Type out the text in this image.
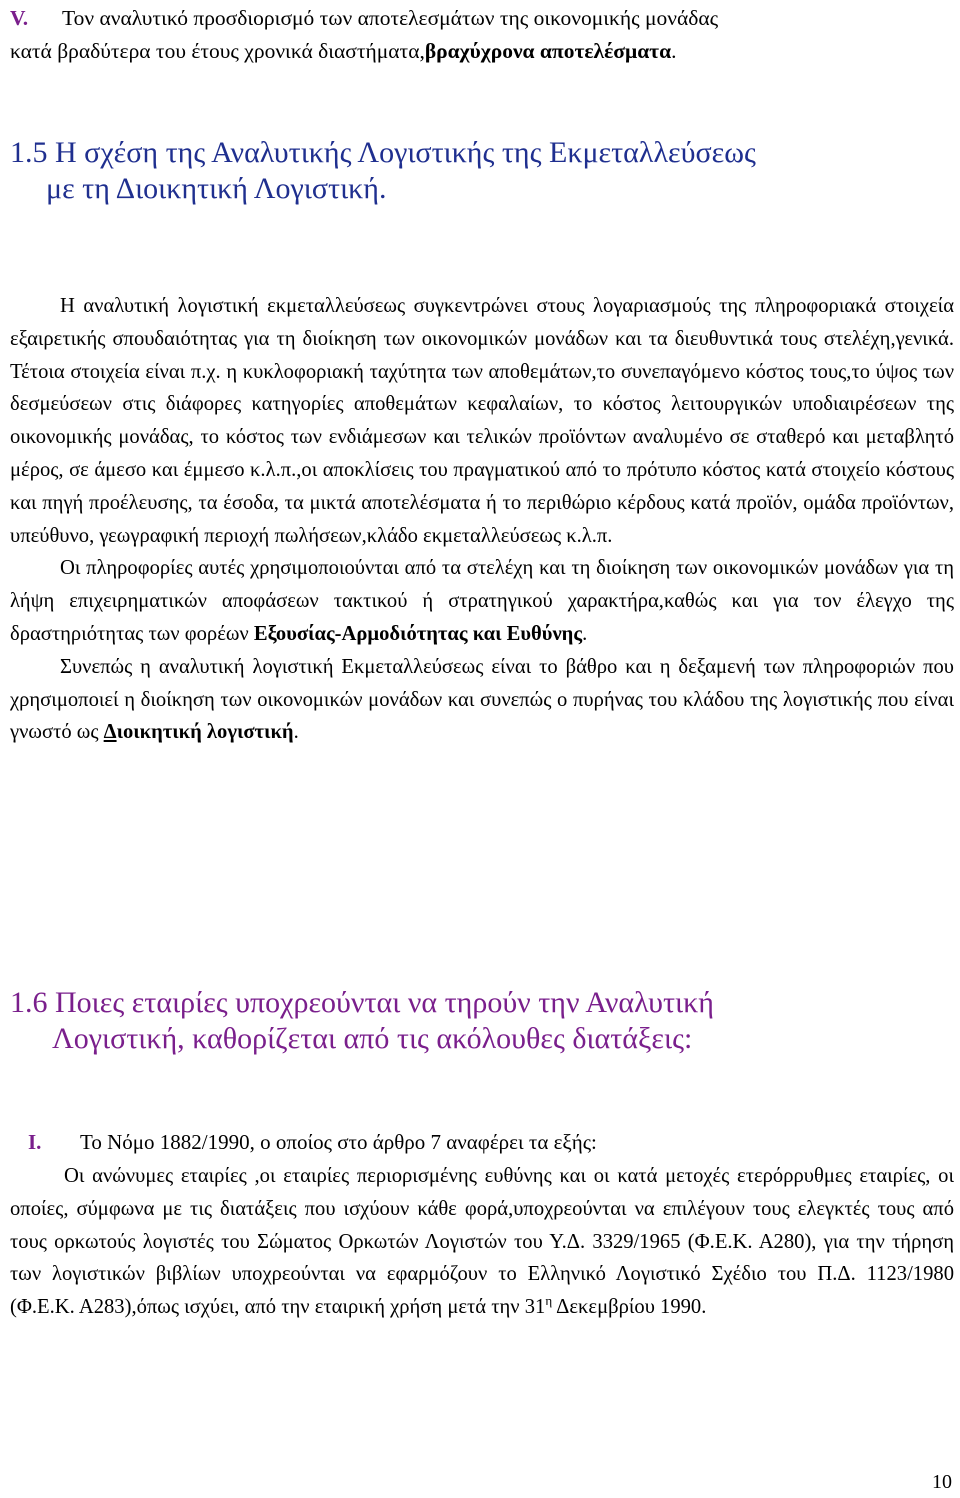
V. Τον αναλυτικό προσδιορισμό των αποτελεσμάτων της οικονομικής μονάδας
κατά βραδύτερα του έτους χρονικά διαστήματα,βραχύχρονα αποτελέσματα.
1.5 Η σχέση της Αναλυτικής Λογιστικής της Εκμεταλλεύσεως
με τη Διοικητική Λογιστική.
Η αναλυτική λογιστική εκμεταλλεύσεως συγκεντρώνει στους λογαριασμούς της πληροφοριακά στοιχεία εξαιρετικής σπουδαιότητας για τη διοίκηση των οικονομικών μονάδων και τα διευθυντικά τους στελέχη,γενικά. Τέτοια στοιχεία είναι π.χ. η κυκλοφοριακή ταχύτητα των αποθεμάτων,το συνεπαγόμενο κόστος τους,το ύψος των δεσμεύσεων στις διάφορες κατηγορίες αποθεμάτων κεφαλαίων, το κόστος λειτουργικών υποδιαιρέσεων της οικονομικής μονάδας, το κόστος των ενδιάμεσων και τελικών προϊόντων αναλυμένο σε σταθερό και μεταβλητό μέρος, σε άμεσο και έμμεσο κ.λ.π.,οι αποκλίσεις του πραγματικού από το πρότυπο κόστος κατά στοιχείο κόστους και πηγή προέλευσης, τα έσοδα, τα μικτά αποτελέσματα ή το περιθώριο κέρδους κατά προϊόν, ομάδα προϊόντων, υπεύθυνο, γεωγραφική περιοχή πωλήσεων,κλάδο εκμεταλλεύσεως κ.λ.π.
Οι πληροφορίες αυτές χρησιμοποιούνται από τα στελέχη και τη διοίκηση των οικονομικών μονάδων για τη λήψη επιχειρηματικών αποφάσεων τακτικού ή στρατηγικού χαρακτήρα,καθώς και για τον έλεγχο της δραστηριότητας των φορέων Εξουσίας-Αρμοδιότητας και Ευθύνης.
Συνεπώς η αναλυτική λογιστική Εκμεταλλεύσεως είναι το βάθρο και η δεξαμενή των πληροφοριών που χρησιμοποιεί η διοίκηση των οικονομικών μονάδων και συνεπώς ο πυρήνας του κλάδου της λογιστικής που είναι γνωστό ως Διοικητική λογιστική.
1.6 Ποιες εταιρίες υποχρεούνται να τηρούν την Αναλυτική
Λογιστική, καθορίζεται από τις ακόλουθες διατάξεις:
Ι. Το Νόμο 1882/1990, ο οποίος στο άρθρο 7 αναφέρει τα εξής:
Οι ανώνυμες εταιρίες ,οι εταιρίες περιορισμένης ευθύνης και οι κατά μετοχές ετερόρρυθμες εταιρίες, οι οποίες, σύμφωνα με τις διατάξεις που ισχύουν κάθε φορά,υποχρεούνται να επιλέγουν τους ελεγκτές τους από τους ορκωτούς λογιστές του Σώματος Ορκωτών Λογιστών του Υ.Δ. 3329/1965 (Φ.Ε.Κ. Α280), για την τήρηση των λογιστικών βιβλίων υποχρεούνται να εφαρμόζουν το Ελληνικό Λογιστικό Σχέδιο του Π.Δ. 1123/1980 (Φ.Ε.Κ. Α283),όπως ισχύει, από την εταιρική χρήση μετά την $31^\eta$ Δεκεμβρίου 1990.
10
